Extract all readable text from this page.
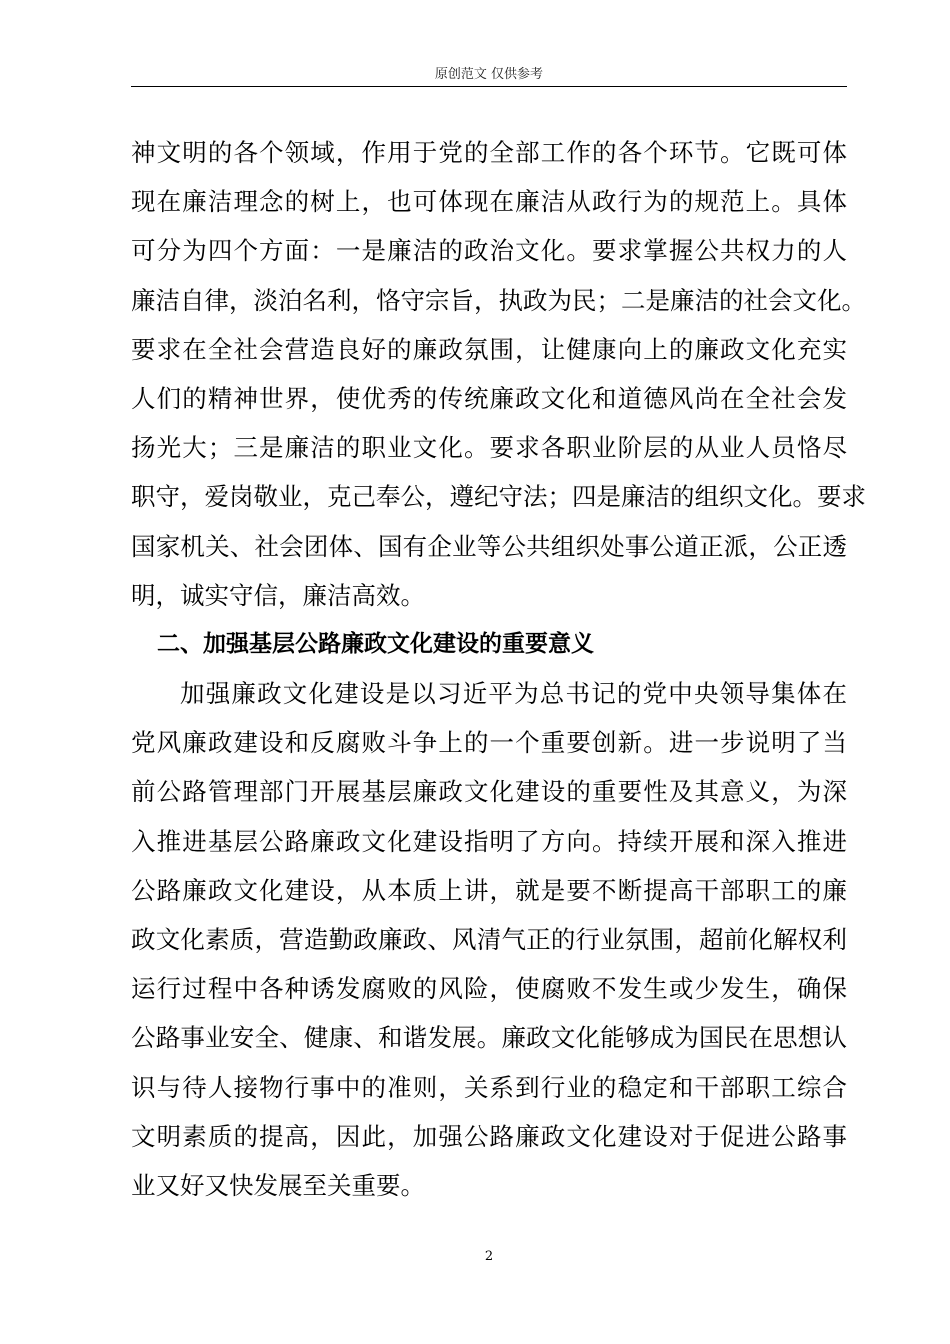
原创范文 仅供参考
神文明的各个领域，作用于党的全部工作的各个环节。它既可体
现在廉洁理念的树上，也可体现在廉洁从政行为的规范上。具体
可分为四个方面：一是廉洁的政治文化。要求掌握公共权力的人
廉洁自律，淡泊名利，恪守宗旨，执政为民；二是廉洁的社会文化。
要求在全社会营造良好的廉政氛围，让健康向上的廉政文化充实
人们的精神世界，使优秀的传统廉政文化和道德风尚在全社会发
扬光大；三是廉洁的职业文化。要求各职业阶层的从业人员恪尽
职守，爱岗敬业，克己奉公，遵纪守法；四是廉洁的组织文化。要求
国家机关、社会团体、国有企业等公共组织处事公道正派，公正透
明，诚实守信，廉洁高效。
二、加强基层公路廉政文化建设的重要意义
加强廉政文化建设是以习近平为总书记的党中央领导集体在
党风廉政建设和反腐败斗争上的一个重要创新。进一步说明了当
前公路管理部门开展基层廉政文化建设的重要性及其意义，为深
入推进基层公路廉政文化建设指明了方向。持续开展和深入推进
公路廉政文化建设，从本质上讲，就是要不断提高干部职工的廉
政文化素质，营造勤政廉政、风清气正的行业氛围，超前化解权利
运行过程中各种诱发腐败的风险，使腐败不发生或少发生，确保
公路事业安全、健康、和谐发展。廉政文化能够成为国民在思想认
识与待人接物行事中的准则，关系到行业的稳定和干部职工综合
文明素质的提高，因此，加强公路廉政文化建设对于促进公路事
业又好又快发展至关重要。
2
